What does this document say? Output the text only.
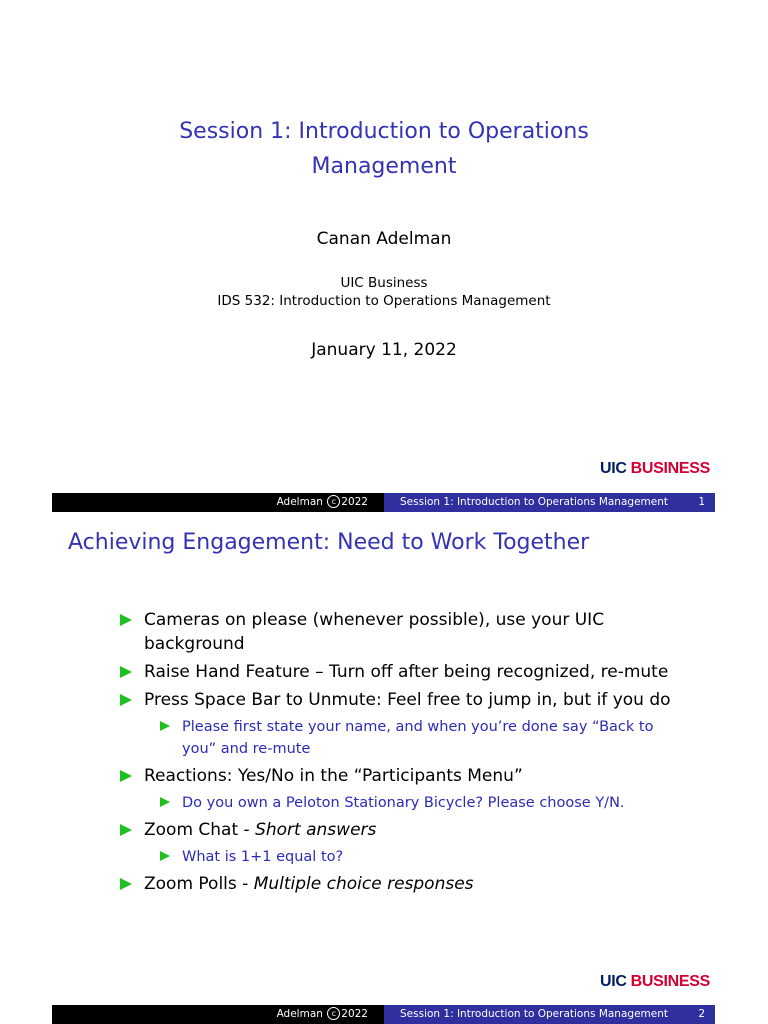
Session 1: Introduction to Operations
Management
Canan Adelman
UIC Business
IDS 532: Introduction to Operations Management
January 11, 2022
UIC BUSINESS
Adelman c 2022	Session 1: Introduction to Operations Management	1
Achieving Engagement: Need to Work Together
Cameras on please (whenever possible), use your UIC background
Raise Hand Feature – Turn off after being recognized, re-mute
Press Space Bar to Unmute: Feel free to jump in, but if you do
Please first state your name, and when you’re done say “Back to you” and re-mute
Reactions: Yes/No in the “Participants Menu”
Do you own a Peloton Stationary Bicycle? Please choose Y/N.
Zoom Chat - Short answers
What is 1+1 equal to?
Zoom Polls - Multiple choice responses
UIC BUSINESS
Adelman c 2022	Session 1: Introduction to Operations Management	2
